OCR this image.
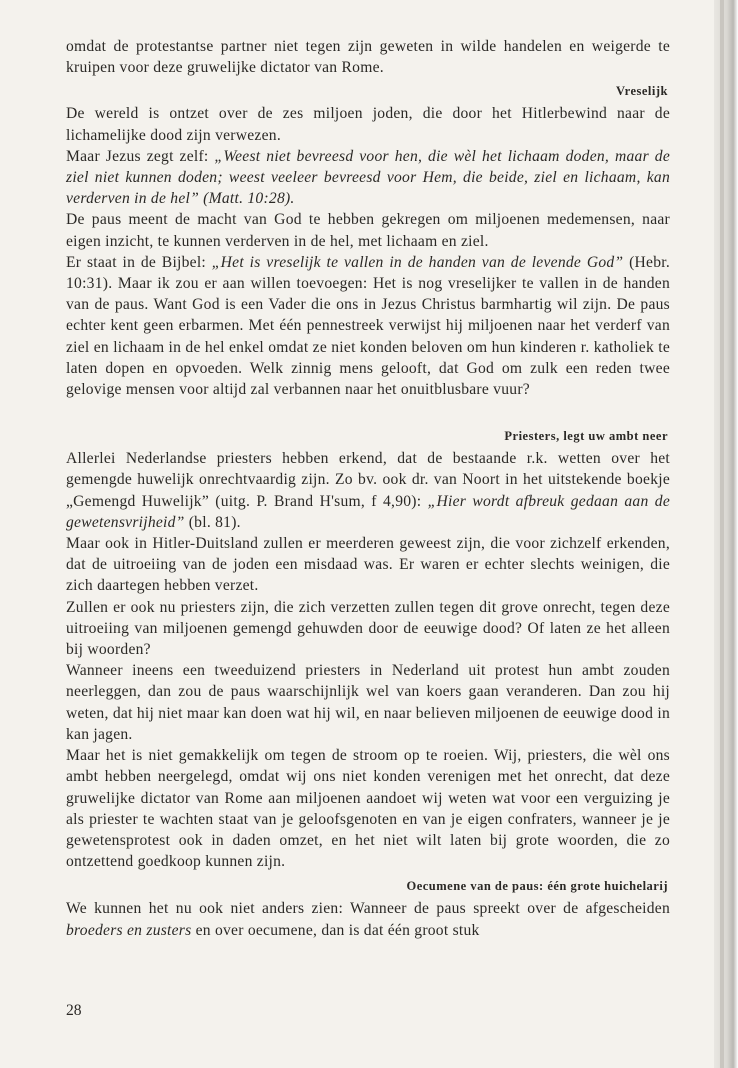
omdat de protestantse partner niet tegen zijn geweten in wilde handelen en weigerde te kruipen voor deze gruwelijke dictator van Rome.

Vreselijk

De wereld is ontzet over de zes miljoen joden, die door het Hitlerbewind naar de lichamelijke dood zijn verwezen.

Maar Jezus zegt zelf: „Weest niet bevreesd voor hen, die wèl het lichaam doden, maar de ziel niet kunnen doden; weest veeleer bevreesd voor Hem, die beide, ziel en lichaam, kan verderven in de hel” (Matt. 10:28).

De paus meent de macht van God te hebben gekregen om miljoenen medemensen, naar eigen inzicht, te kunnen verderven in de hel, met lichaam en ziel.

Er staat in de Bijbel: „Het is vreselijk te vallen in de handen van de levende God” (Hebr. 10:31). Maar ik zou er aan willen toevoegen: Het is nog vreselijker te vallen in de handen van de paus. Want God is een Vader die ons in Jezus Christus barmhartig wil zijn. De paus echter kent geen erbarmen. Met één pennestreek verwijst hij miljoenen naar het verderf van ziel en lichaam in de hel enkel omdat ze niet konden beloven om hun kinderen r. katholiek te laten dopen en opvoeden. Welk zinnig mens gelooft, dat God om zulk een reden twee gelovige mensen voor altijd zal verbannen naar het onuitblusbare vuur?

Priesters, legt uw ambt neer

Allerlei Nederlandse priesters hebben erkend, dat de bestaande r.k. wetten over het gemengde huwelijk onrechtvaardig zijn. Zo bv. ook dr. van Noort in het uitstekende boekje „Gemengd Huwelijk” (uitg. P. Brand H'sum, f 4,90): „Hier wordt afbreuk gedaan aan de gewetensvrijheid” (bl. 81).

Maar ook in Hitler-Duitsland zullen er meerderen geweest zijn, die voor zichzelf erkenden, dat de uitroeiing van de joden een misdaad was. Er waren er echter slechts weinigen, die zich daartegen hebben verzet.

Zullen er ook nu priesters zijn, die zich verzetten zullen tegen dit grove onrecht, tegen deze uitroeiing van miljoenen gemengd gehuwden door de eeuwige dood? Of laten ze het alleen bij woorden?

Wanneer ineens een tweeduizend priesters in Nederland uit protest hun ambt zouden neerleggen, dan zou de paus waarschijnlijk wel van koers gaan veranderen. Dan zou hij weten, dat hij niet maar kan doen wat hij wil, en naar believen miljoenen de eeuwige dood in kan jagen.

Maar het is niet gemakkelijk om tegen de stroom op te roeien. Wij, priesters, die wèl ons ambt hebben neergelegd, omdat wij ons niet konden verenigen met het onrecht, dat deze gruwelijke dictator van Rome aan miljoenen aandoet wij weten wat voor een verguizing je als priester te wachten staat van je geloofsgenoten en van je eigen confraters, wanneer je je gewetensprotest ook in daden omzet, en het niet wilt laten bij grote woorden, die zo ontzettend goedkoop kunnen zijn.

Oecumene van de paus: één grote huichelarij

We kunnen het nu ook niet anders zien: Wanneer de paus spreekt over de afgescheiden broeders en zusters en over oecumene, dan is dat één groot stuk

28
